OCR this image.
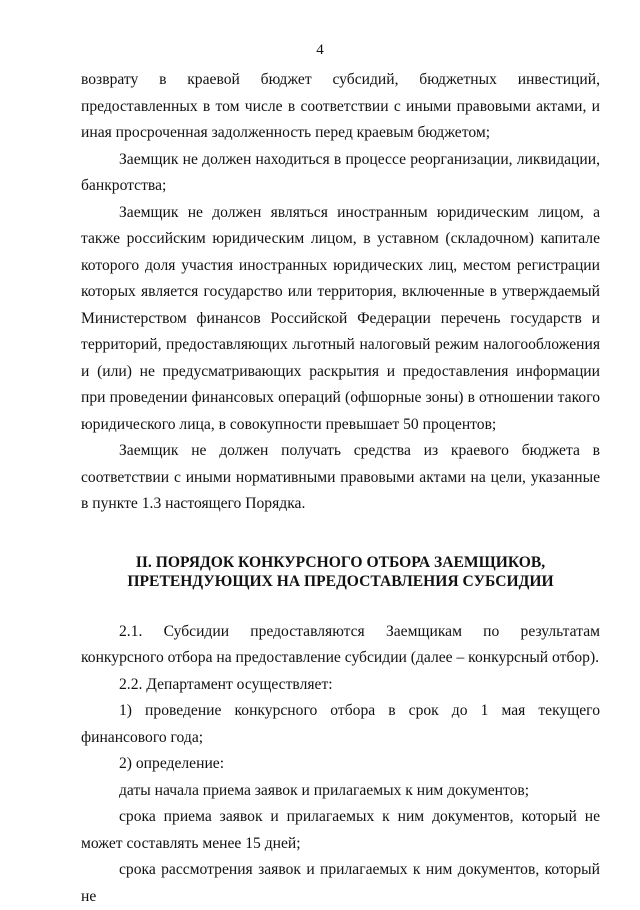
4

возврату в краевой бюджет субсидий, бюджетных инвестиций, предоставленных в том числе в соответствии с иными правовыми актами, и иная просроченная задолженность перед краевым бюджетом;

Заемщик не должен находиться в процессе реорганизации, ликвидации, банкротства;

Заемщик не должен являться иностранным юридическим лицом, а также российским юридическим лицом, в уставном (складочном) капитале которого доля участия иностранных юридических лиц, местом регистрации которых является государство или территория, включенные в утверждаемый Министерством финансов Российской Федерации перечень государств и территорий, предоставляющих льготный налоговый режим налогообложения и (или) не предусматривающих раскрытия и предоставления информации при проведении финансовых операций (офшорные зоны) в отношении такого юридического лица, в совокупности превышает 50 процентов;

Заемщик не должен получать средства из краевого бюджета в соответствии с иными нормативными правовыми актами на цели, указанные в пункте 1.3 настоящего Порядка.

II. ПОРЯДОК КОНКУРСНОГО ОТБОРА ЗАЕМЩИКОВ,
ПРЕТЕНДУЮЩИХ НА ПРЕДОСТАВЛЕНИЯ СУБСИДИИ

2.1. Субсидии предоставляются Заемщикам по результатам конкурсного отбора на предоставление субсидии (далее – конкурсный отбор).

2.2. Департамент осуществляет:

1) проведение конкурсного отбора в срок до 1 мая текущего финансового года;

2) определение:

даты начала приема заявок и прилагаемых к ним документов;

срока приема заявок и прилагаемых к ним документов, который не может составлять менее 15 дней;

срока рассмотрения заявок и прилагаемых к ним документов, который не
